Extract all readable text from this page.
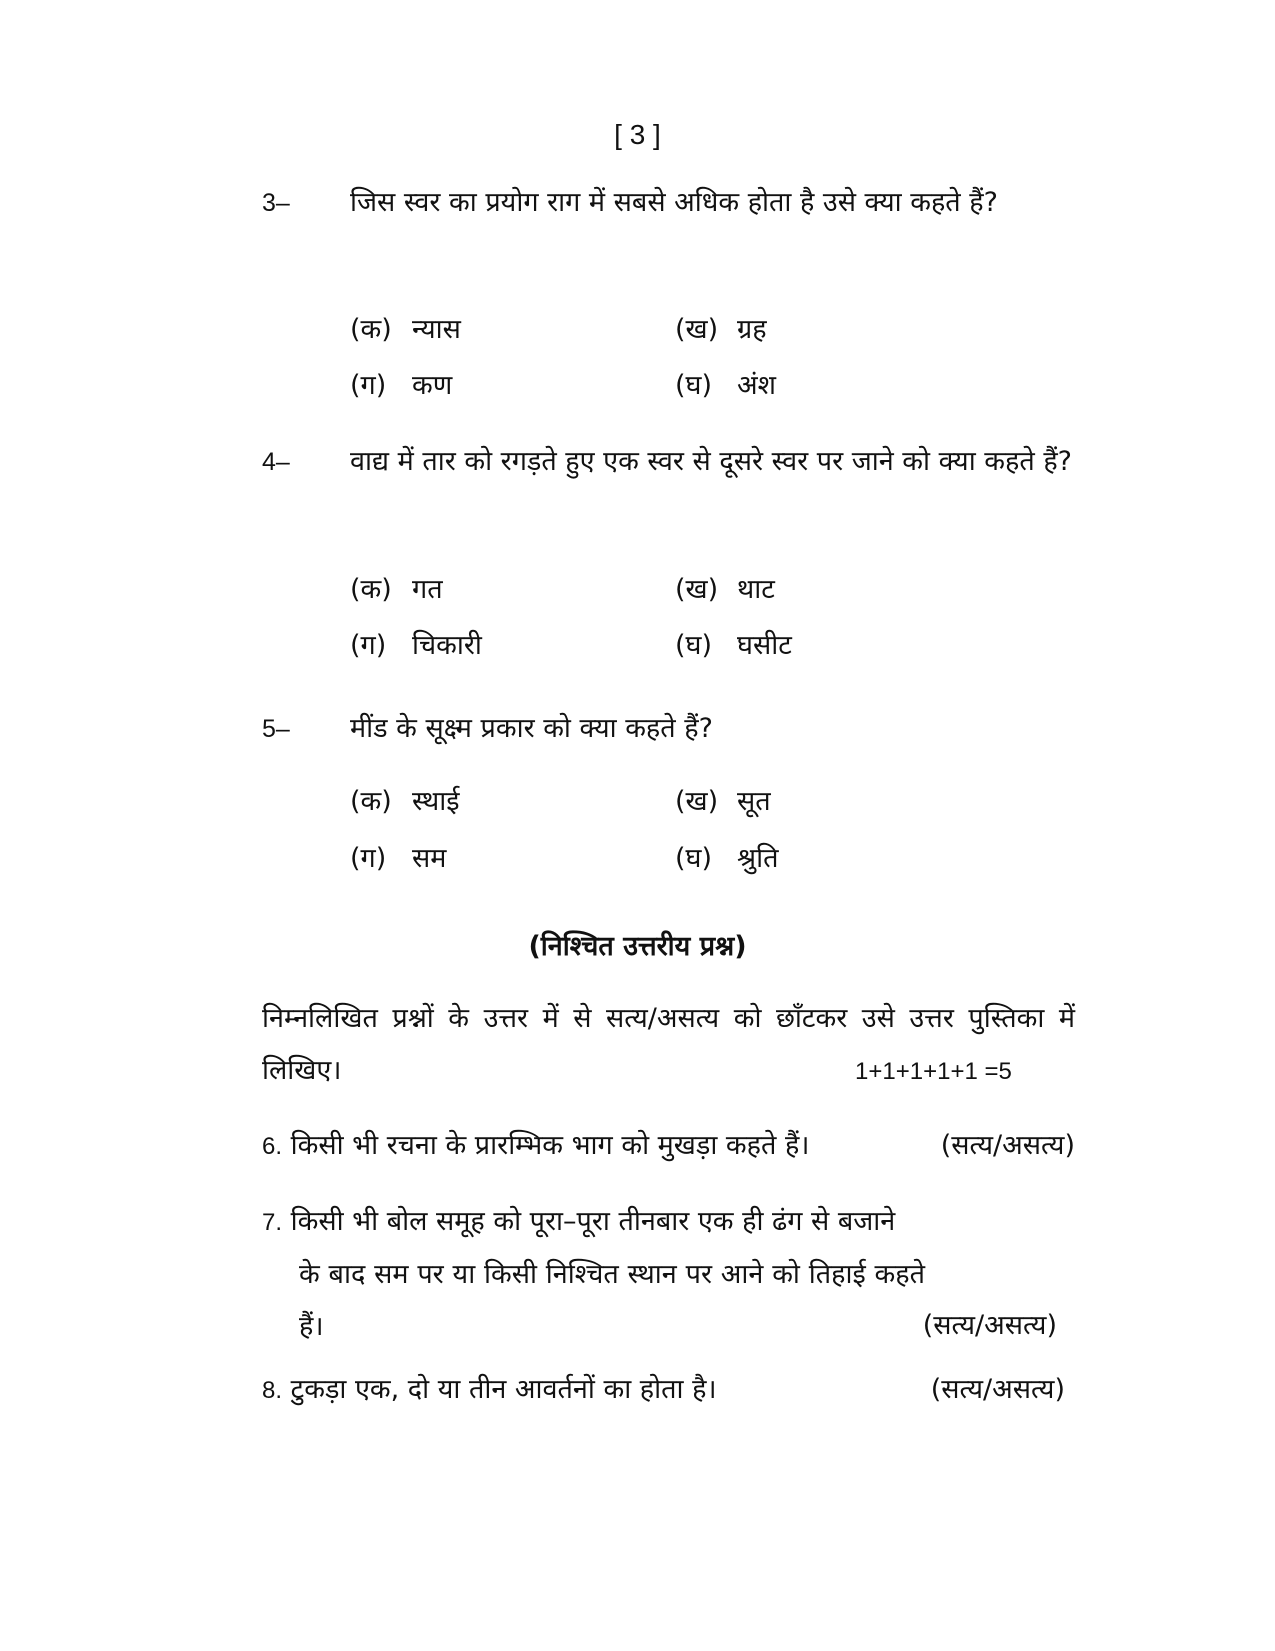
[ 3 ]
3– जिस स्वर का प्रयोग राग में सबसे अधिक होता है उसे क्या कहते हैं?
(क) न्यास	(ख) ग्रह
(ग) कण	(घ) अंश
4– वाद्य में तार को रगड़ते हुए एक स्वर से दूसरे स्वर पर जाने को क्या कहते हैं?
(क) गत	(ख) थाट
(ग) चिकारी	(घ) घसीट
5– मींड के सूक्ष्म प्रकार को क्या कहते हैं?
(क) स्थाई	(ख) सूत
(ग) सम	(घ) श्रुति
(निश्चित उत्तरीय प्रश्न)
निम्नलिखित प्रश्नों के उत्तर में से सत्य/असत्य को छाँटकर उसे उत्तर पुस्तिका में लिखिए।	1+1+1+1+1 =5
6. किसी भी रचना के प्रारम्भिक भाग को मुखड़ा कहते हैं।	(सत्य/असत्य)
7. किसी भी बोल समूह को पूरा–पूरा तीनबार एक ही ढंग से बजाने
के बाद सम पर या किसी निश्चित स्थान पर आने को तिहाई कहते हैं।	(सत्य/असत्य)
8. टुकड़ा एक, दो या तीन आवर्तनों का होता है।	(सत्य/असत्य)
